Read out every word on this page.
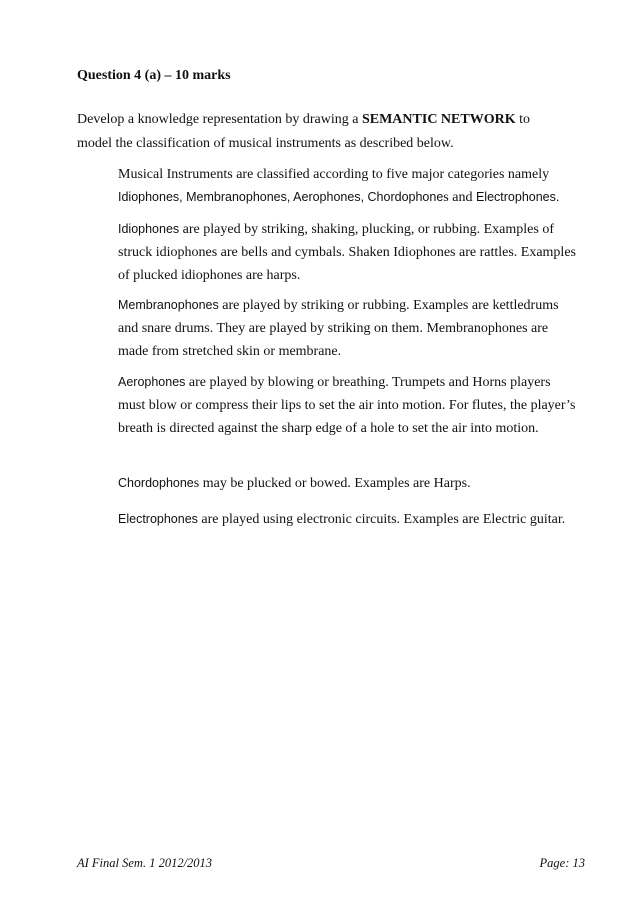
Question 4 (a) – 10 marks
Develop a knowledge representation by drawing a SEMANTIC NETWORK to model the classification of musical instruments as described below.
Musical Instruments are classified according to five major categories namely Idiophones, Membranophones, Aerophones, Chordophones and Electrophones.
Idiophones are played by striking, shaking, plucking, or rubbing. Examples of struck idiophones are bells and cymbals. Shaken Idiophones are rattles. Examples of plucked idiophones are harps.
Membranophones are played by striking or rubbing. Examples are kettledrums and snare drums. They are played by striking on them. Membranophones are made from stretched skin or membrane.
Aerophones are played by blowing or breathing. Trumpets and Horns players must blow or compress their lips to set the air into motion. For flutes, the player’s breath is directed against the sharp edge of a hole to set the air into motion.
Chordophones may be plucked or bowed. Examples are Harps.
Electrophones are played using electronic circuits. Examples are Electric guitar.
AI Final Sem. 1 2012/2013	Page: 13
